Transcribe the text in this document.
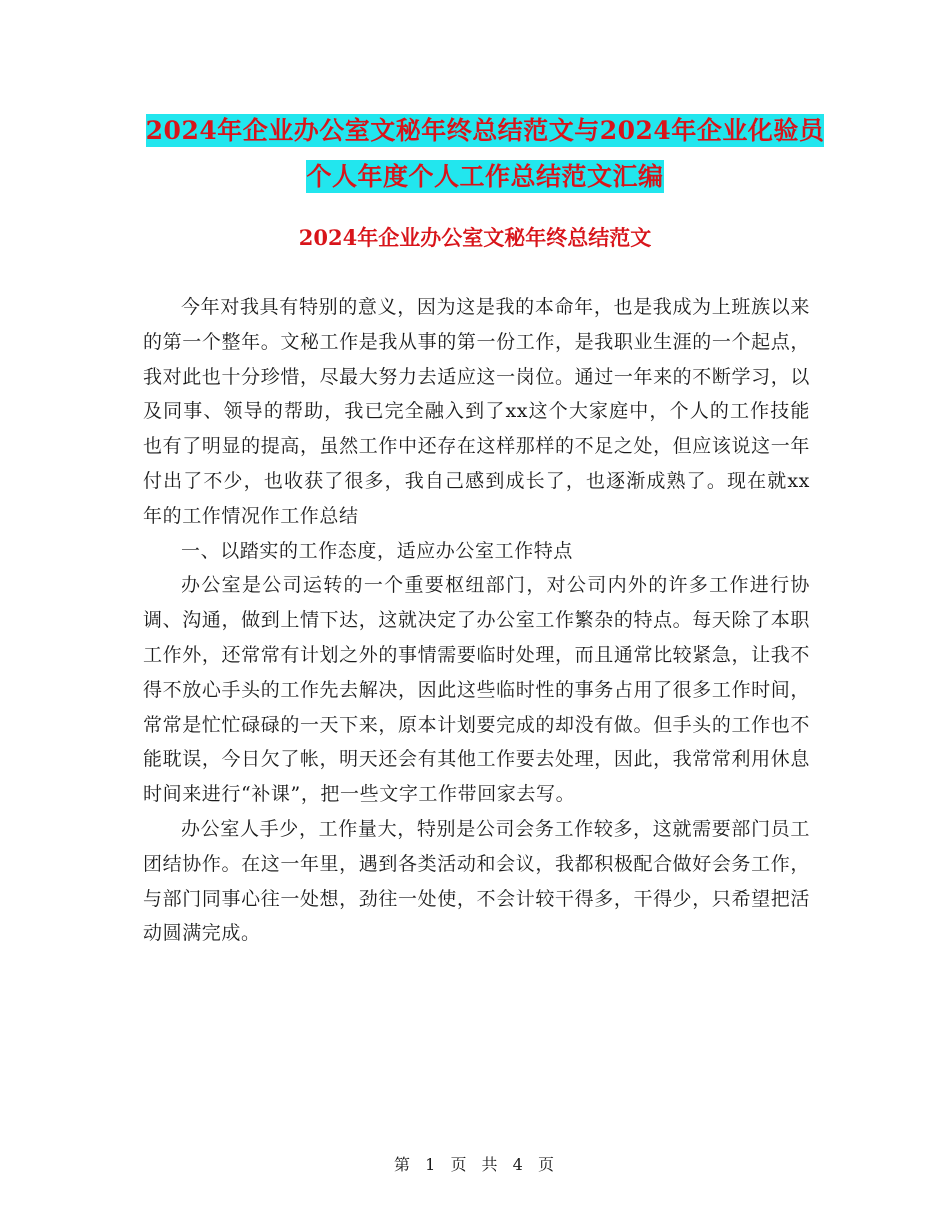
2024年企业办公室文秘年终总结范文与2024年企业化验员个人年度个人工作总结范文汇编
2024年企业办公室文秘年终总结范文

今年对我具有特别的意义，因为这是我的本命年，也是我成为上班族以来的第一个整年。文秘工作是我从事的第一份工作，是我职业生涯的一个起点，我对此也十分珍惜，尽最大努力去适应这一岗位。通过一年来的不断学习，以及同事、领导的帮助，我已完全融入到了xx这个大家庭中，个人的工作技能也有了明显的提高，虽然工作中还存在这样那样的不足之处，但应该说这一年付出了不少，也收获了很多，我自己感到成长了，也逐渐成熟了。现在就xx年的工作情况作工作总结

一、以踏实的工作态度，适应办公室工作特点

办公室是公司运转的一个重要枢纽部门，对公司内外的许多工作进行协调、沟通，做到上情下达，这就决定了办公室工作繁杂的特点。每天除了本职工作外，还常常有计划之外的事情需要临时处理，而且通常比较紧急，让我不得不放心手头的工作先去解决，因此这些临时性的事务占用了很多工作时间，常常是忙忙碌碌的一天下来，原本计划要完成的却没有做。但手头的工作也不能耽误，今日欠了帐，明天还会有其他工作要去处理，因此，我常常利用休息时间来进行“补课”，把一些文字工作带回家去写。

办公室人手少，工作量大，特别是公司会务工作较多，这就需要部门员工团结协作。在这一年里，遇到各类活动和会议，我都积极配合做好会务工作，与部门同事心往一处想，劲往一处使，不会计较干得多，干得少，只希望把活动圆满完成。

第 1 页 共 4 页
